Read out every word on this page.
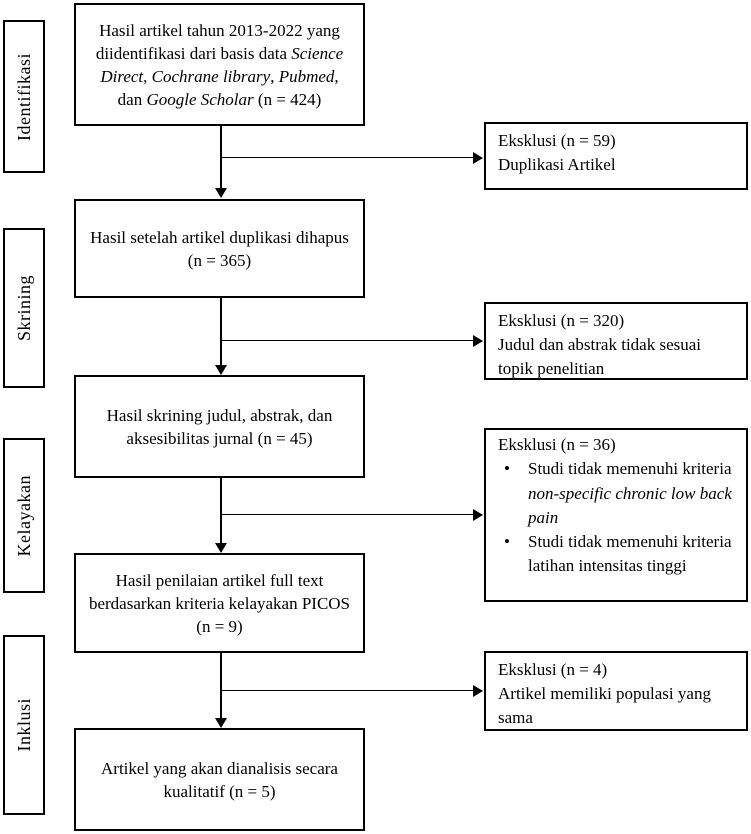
Identifikasi
Skrining
Kelayakan
Inklusi
Hasil artikel tahun 2013-2022 yang diidentifikasi dari basis data Science Direct, Cochrane library, Pubmed, dan Google Scholar (n = 424)
Hasil setelah artikel duplikasi dihapus (n = 365)
Hasil skrining judul, abstrak, dan aksesibilitas jurnal (n = 45)
Hasil penilaian artikel full text berdasarkan kriteria kelayakan PICOS (n = 9)
Artikel yang akan dianalisis secara kualitatif (n = 5)
Eksklusi (n = 59)
Duplikasi Artikel
Eksklusi (n = 320)
Judul dan abstrak tidak sesuai topik penelitian
Eksklusi (n = 36)
•	Studi tidak memenuhi kriteria non-specific chronic low back pain
•	Studi tidak memenuhi kriteria latihan intensitas tinggi
Eksklusi (n = 4)
Artikel memiliki populasi yang sama
